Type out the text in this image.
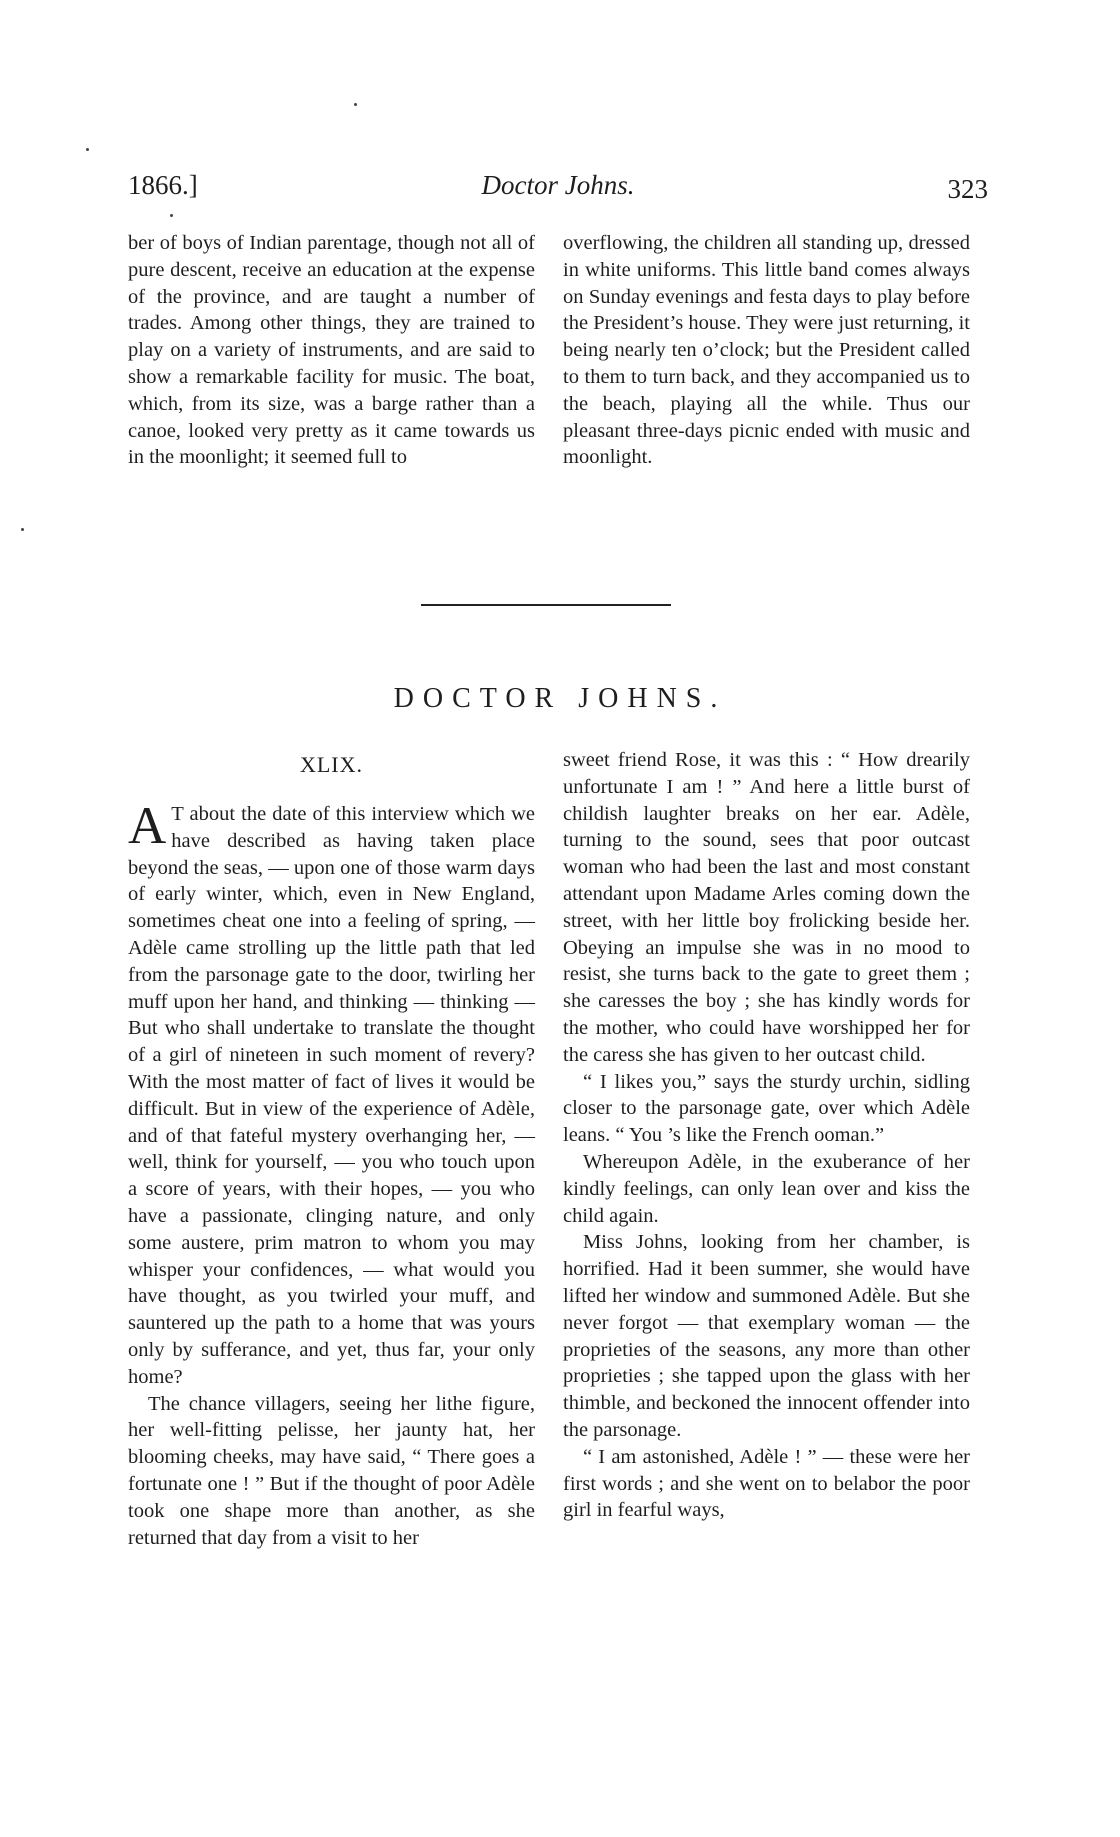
1866.]	Doctor Johns.	323

ber of boys of Indian parentage, though not all of pure descent, receive an education at the expense of the province, and are taught a number of trades. Among other things, they are trained to play on a variety of instruments, and are said to show a remarkable facility for music. The boat, which, from its size, was a barge rather than a canoe, looked very pretty as it came towards us in the moonlight; it seemed full to

overflowing, the children all standing up, dressed in white uniforms. This little band comes always on Sunday evenings and festa days to play before the President’s house. They were just returning, it being nearly ten o’clock; but the President called to them to turn back, and they accompanied us to the beach, playing all the while. Thus our pleasant three-days picnic ended with music and moonlight.

DOCTOR JOHNS.
XLIX.

A T about the date of this interview which we have described as having taken place beyond the seas, — upon one of those warm days of early winter, which, even in New England, sometimes cheat one into a feeling of spring, — Adèle came strolling up the little path that led from the parsonage gate to the door, twirling her muff upon her hand, and thinking — thinking — But who shall undertake to translate the thought of a girl of nineteen in such moment of revery? With the most matter of fact of lives it would be difficult. But in view of the experience of Adèle, and of that fateful mystery overhanging her, — well, think for yourself, — you who touch upon a score of years, with their hopes, — you who have a passionate, clinging nature, and only some austere, prim matron to whom you may whisper your confidences, — what would you have thought, as you twirled your muff, and sauntered up the path to a home that was yours only by sufferance, and yet, thus far, your only home?

The chance villagers, seeing her lithe figure, her well-fitting pelisse, her jaunty hat, her blooming cheeks, may have said, “ There goes a fortunate one ! ” But if the thought of poor Adèle took one shape more than another, as she returned that day from a visit to her

sweet friend Rose, it was this : “ How drearily unfortunate I am ! ” And here a little burst of childish laughter breaks on her ear. Adèle, turning to the sound, sees that poor outcast woman who had been the last and most constant attendant upon Madame Arles coming down the street, with her little boy frolicking beside her. Obeying an impulse she was in no mood to resist, she turns back to the gate to greet them ; she caresses the boy ; she has kindly words for the mother, who could have worshipped her for the caress she has given to her outcast child.

“ I likes you,” says the sturdy urchin, sidling closer to the parsonage gate, over which Adèle leans. “ You ’s like the French ooman.”

Whereupon Adèle, in the exuberance of her kindly feelings, can only lean over and kiss the child again.

Miss Johns, looking from her chamber, is horrified. Had it been summer, she would have lifted her window and summoned Adèle. But she never forgot — that exemplary woman — the proprieties of the seasons, any more than other proprieties ; she tapped upon the glass with her thimble, and beckoned the innocent offender into the parsonage.

“ I am astonished, Adèle ! ” — these were her first words ; and she went on to belabor the poor girl in fearful ways,
